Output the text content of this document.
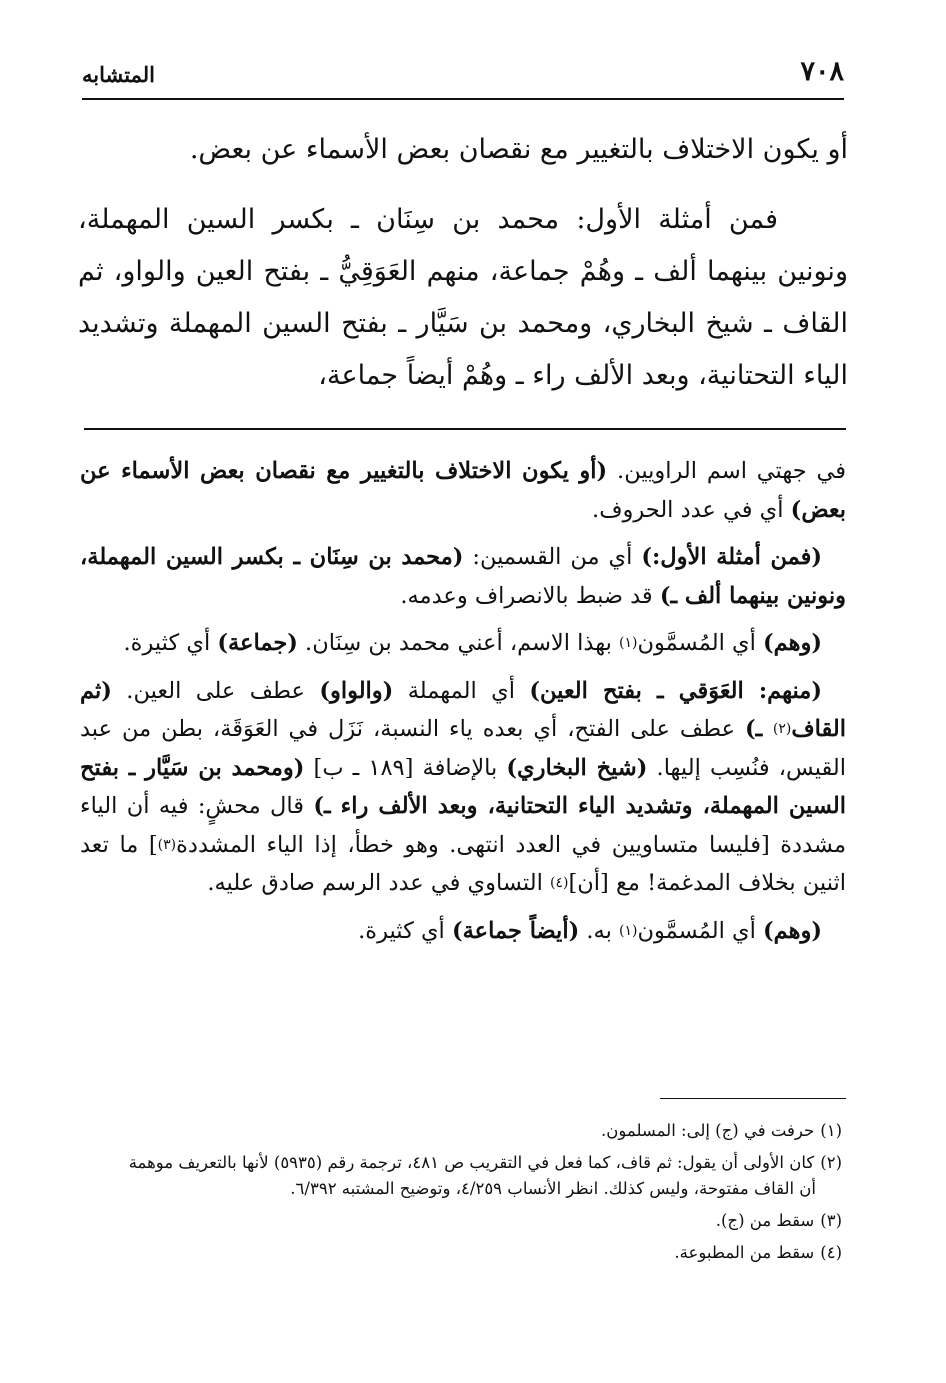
٧٠٨
المتشابه

أو يكون الاختلاف بالتغيير مع نقصان بعض الأسماء عن بعض.

فمن أمثلة الأول: محمد بن سِنَان ـ بكسر السين المهملة، ونونين بينهما ألف ـ وهُمْ جماعة، منهم العَوَقِيُّ ـ بفتح العين والواو، ثم القاف ـ شيخ البخاري، ومحمد بن سَيَّار ـ بفتح السين المهملة وتشديد الياء التحتانية، وبعد الألف راء ـ وهُمْ أيضاً جماعة،

في جهتي اسم الراويين. (أو يكون الاختلاف بالتغيير مع نقصان بعض الأسماء عن بعض) أي في عدد الحروف.

(فمن أمثلة الأول:) أي من القسمين: (محمد بن سِنَان ـ بكسر السين المهملة، ونونين بينهما ألف ـ) قد ضبط بالانصراف وعدمه.

(وهم) أي المُسمَّون$^{(١)}$ بهذا الاسم، أعني محمد بن سِنَان. (جماعة) أي كثيرة.

(منهم: العَوَقي ـ بفتح العين) أي المهملة (والواو) عطف على العين. (ثم القاف$^{(٢)}$ ـ) عطف على الفتح، أي بعده ياء النسبة، نَزَل في العَوَقَة، بطن من عبد القيس، فنُسِب إليها. (شيخ البخاري) بالإضافة [١٨٩ ـ ب] (ومحمد بن سَيَّار ـ بفتح السين المهملة، وتشديد الياء التحتانية، وبعد الألف راء ـ) قال محشٍ: فيه أن الياء مشددة [فليسا متساويين في العدد انتهى. وهو خطأ، إذا الياء المشددة$^{(٣)}$] ما تعد اثنين بخلاف المدغمة! مع [أن]$^{(٤)}$ التساوي في عدد الرسم صادق عليه.

(وهم) أي المُسمَّون$^{(١)}$ به. (أيضاً جماعة) أي كثيرة.

(١)حرفت في (ج) إلى: المسلمون.
(٢)كان الأولى أن يقول: ثم قاف، كما فعل في التقريب ص ٤٨١، ترجمة رقم (٥٩٣٥) لأنها بالتعريف موهمة
أن القاف مفتوحة، وليس كذلك. انظر الأنساب ٤/٢٥٩، وتوضيح المشتبه ٦/٣٩٢.
(٣)سقط من (ج).
(٤)سقط من المطبوعة.
